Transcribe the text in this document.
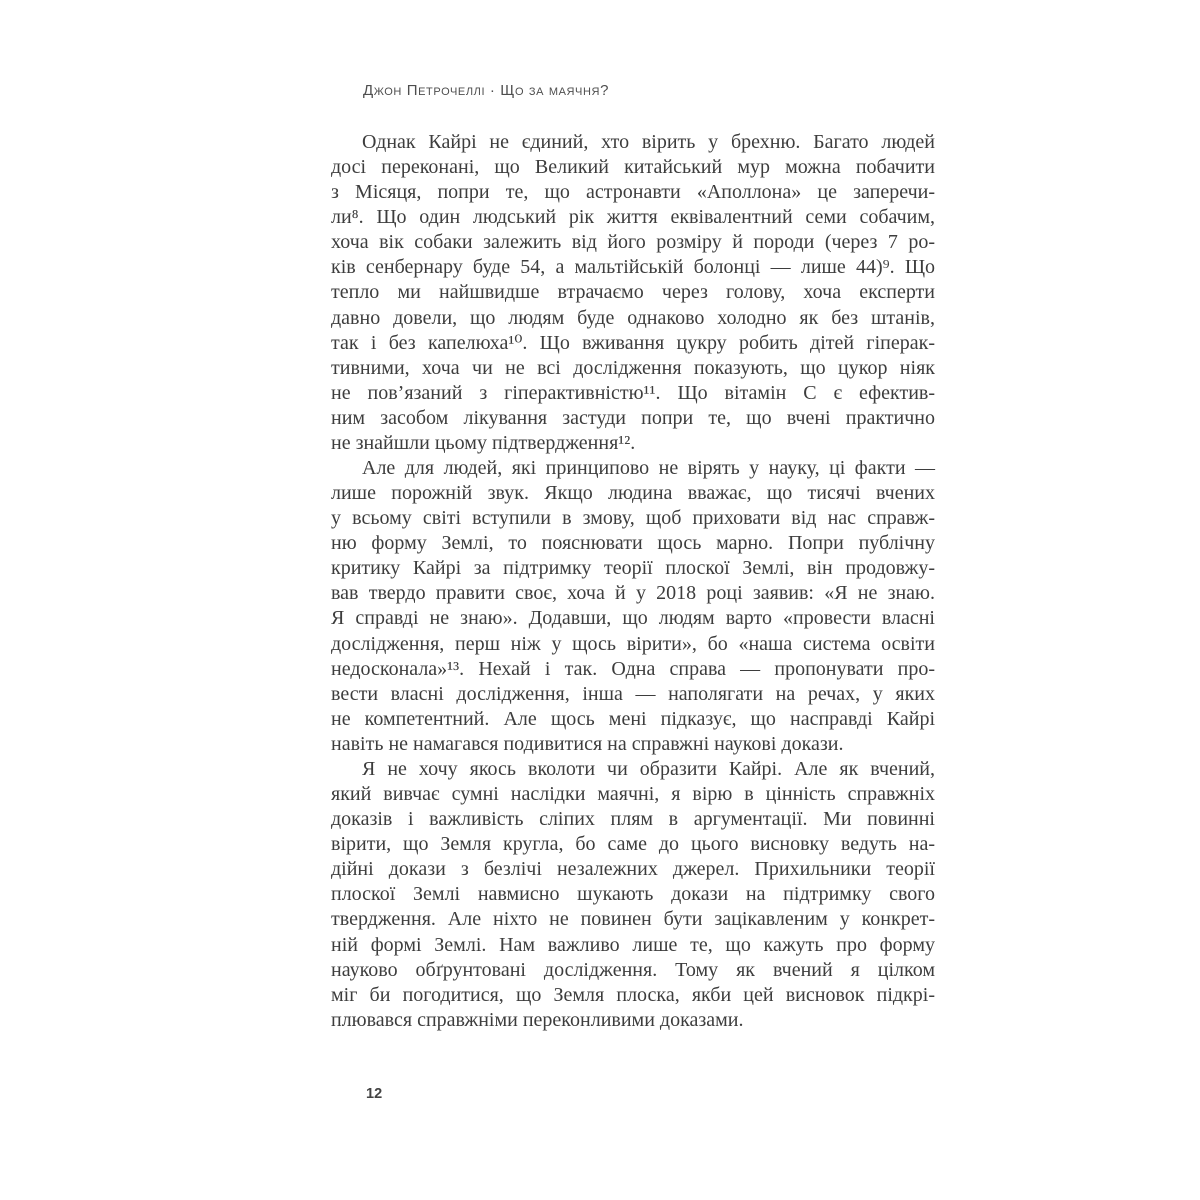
Джон Петрочеллі · Що за маячня?
Однак Кайрі не єдиний, хто вірить у брехню. Багато людей
досі переконані, що Великий китайський мур можна побачити
з Місяця, попри те, що астронавти «Аполлона» це заперечи-
ли⁸. Що один людський рік життя еквівалентний семи собачим,
хоча вік собаки залежить від його розміру й породи (через 7 ро-
ків сенбернару буде 54, а мальтійській болонці — лише 44)⁹. Що
тепло ми найшвидше втрачаємо через голову, хоча експерти
давно довели, що людям буде однаково холодно як без штанів,
так і без капелюха¹⁰. Що вживання цукру робить дітей гіперак-
тивними, хоча чи не всі дослідження показують, що цукор ніяк
не пов’язаний з гіперактивністю¹¹. Що вітамін С є ефектив-
ним засобом лікування застуди попри те, що вчені практично
не знайшли цьому підтвердження¹².
Але для людей, які принципово не вірять у науку, ці факти —
лише порожній звук. Якщо людина вважає, що тисячі вчених
у всьому світі вступили в змову, щоб приховати від нас справж-
ню форму Землі, то пояснювати щось марно. Попри публічну
критику Кайрі за підтримку теорії плоскої Землі, він продовжу-
вав твердо правити своє, хоча й у 2018 році заявив: «Я не знаю.
Я справді не знаю». Додавши, що людям варто «провести власні
дослідження, перш ніж у щось вірити», бо «наша система освіти
недосконала»¹³. Нехай і так. Одна справа — пропонувати про-
вести власні дослідження, інша — наполягати на речах, у яких
не компетентний. Але щось мені підказує, що насправді Кайрі
навіть не намагався подивитися на справжні наукові докази.
Я не хочу якось вколоти чи образити Кайрі. Але як вчений,
який вивчає сумні наслідки маячні, я вірю в цінність справжніх
доказів і важливість сліпих плям в аргументації. Ми повинні
вірити, що Земля кругла, бо саме до цього висновку ведуть на-
дійні докази з безлічі незалежних джерел. Прихильники теорії
плоскої Землі навмисно шукають докази на підтримку свого
твердження. Але ніхто не повинен бути зацікавленим у конкрет-
ній формі Землі. Нам важливо лише те, що кажуть про форму
науково обґрунтовані дослідження. Тому як вчений я цілком
міг би погодитися, що Земля плоска, якби цей висновок підкрі-
плювався справжніми переконливими доказами.
12
